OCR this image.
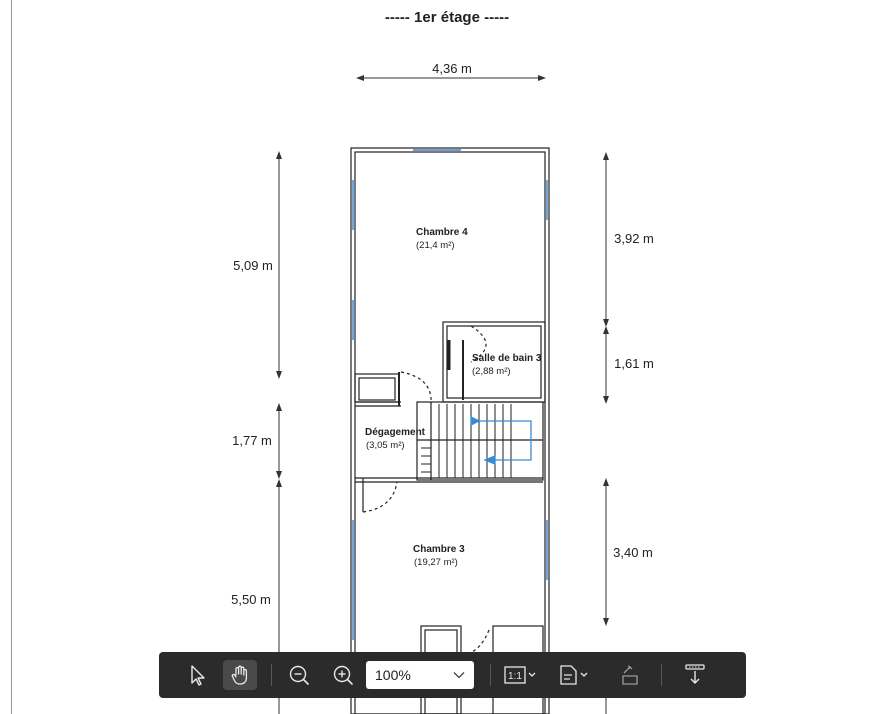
----- 1er étage -----
4,36 m
5,09 m
1,77 m
5,50 m
3,92 m
1,61 m
3,40 m
Chambre 4
(21,4 m²)
Salle de bain 3
(2,88 m²)
Dégagement
(3,05 m²)
Chambre 3
(19,27 m²)
100%	1:1
